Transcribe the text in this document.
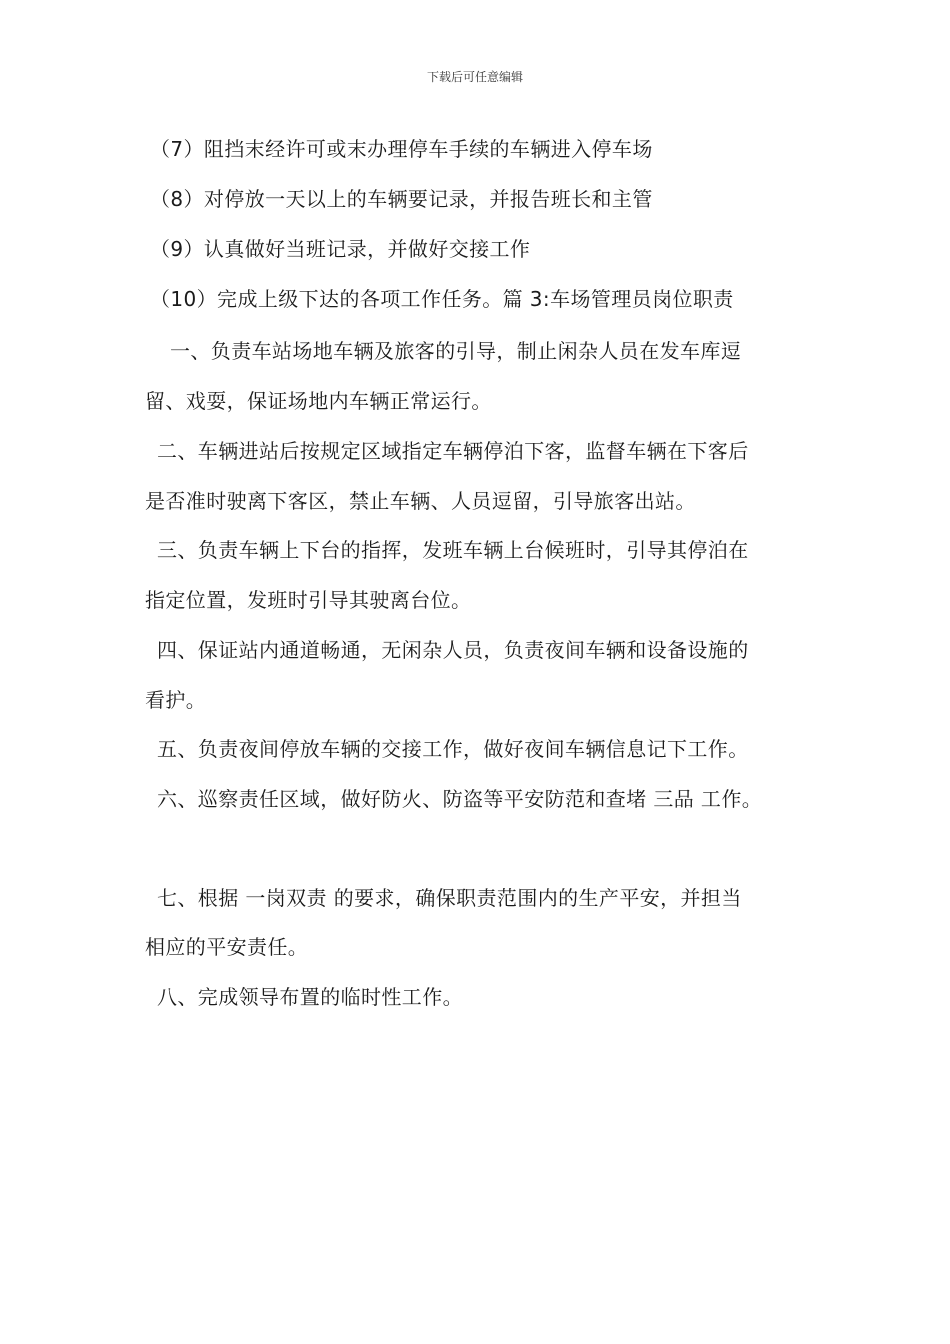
下载后可任意编辑
（7）阻挡末经许可或末办理停车手续的车辆进入停车场
（8）对停放一天以上的车辆要记录，并报告班长和主管
（9）认真做好当班记录，并做好交接工作
（10）完成上级下达的各项工作任务。篇 3:车场管理员岗位职责
一、负责车站场地车辆及旅客的引导，制止闲杂人员在发车库逗
留、戏耍，保证场地内车辆正常运行。
二、车辆进站后按规定区域指定车辆停泊下客，监督车辆在下客后
是否准时驶离下客区，禁止车辆、人员逗留，引导旅客出站。
三、负责车辆上下台的指挥，发班车辆上台候班时，引导其停泊在
指定位置，发班时引导其驶离台位。
四、保证站内通道畅通，无闲杂人员，负责夜间车辆和设备设施的
看护。
五、负责夜间停放车辆的交接工作，做好夜间车辆信息记下工作。
六、巡察责任区域，做好防火、防盗等平安防范和查堵 三品 工作。
七、根据 一岗双责 的要求，确保职责范围内的生产平安，并担当
相应的平安责任。
八、完成领导布置的临时性工作。
